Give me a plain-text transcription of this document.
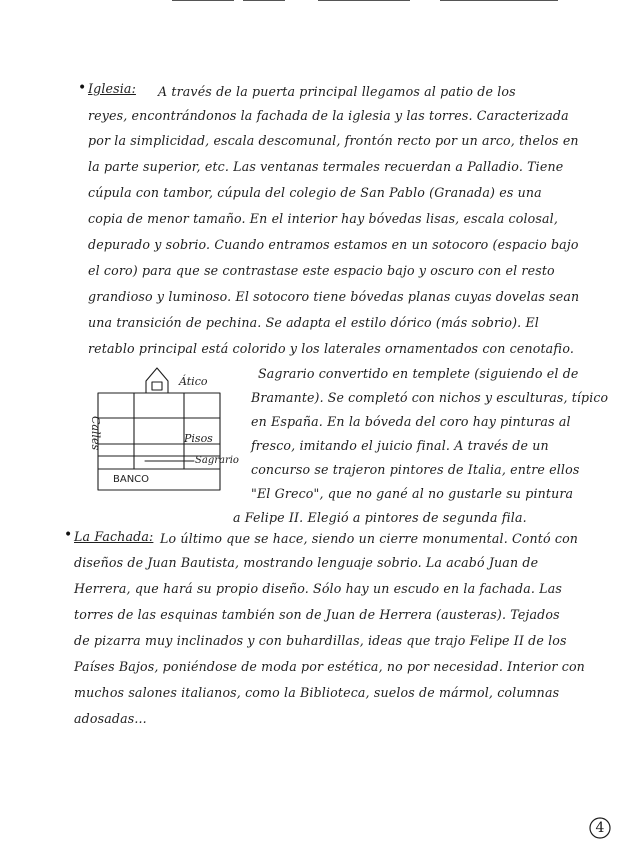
• Iglesia: A través de la puerta principal llegamos al patio de los
reyes, encontrándonos la fachada de la iglesia y las torres. Caracterizada
por la simplicidad, escala descomunal, frontón recto por un arco, thelos en
la parte superior, etc. Las ventanas termales recuerdan a Palladio. Tiene
cúpula con tambor, cúpula del colegio de San Pablo (Granada) es una
copia de menor tamaño. En el interior hay bóvedas lisas, escala colosal,
depurado y sobrio. Cuando entramos estamos en un sotocoro (espacio bajo
el coro) para que se contrastase este espacio bajo y oscuro con el resto
grandioso y luminoso. El sotocoro tiene bóvedas planas cuyas dovelas sean
una transición de pechina. Se adapta el estilo dórico (más sobrio). El
retablo principal está colorido y los laterales ornamentados con cenotafio.
Sagrario convertido en templete (siguiendo el de
Bramante). Se completó con nichos y esculturas, típico
en España. En la bóveda del coro hay pinturas al
fresco, imitando el juicio final. A través de un
concurso se trajeron pintores de Italia, entre ellos
"El Greco", que no gané al no gustarle su pintura
a Felipe II. Elegió a pintores de segunda fila.
Ático
Calles	Pisos
Sagrario
BANCO
• La Fachada: Lo último que se hace, siendo un cierre monumental. Contó con
diseños de Juan Bautista, mostrando lenguaje sobrio. La acabó Juan de
Herrera, que hará su propio diseño. Sólo hay un escudo en la fachada. Las
torres de las esquinas también son de Juan de Herrera (austeras). Tejados
de pizarra muy inclinados y con buhardillas, ideas que trajo Felipe II de los
Países Bajos, poniéndose de moda por estética, no por necesidad. Interior con
muchos salones italianos, como la Biblioteca, suelos de mármol, columnas
adosadas...
4
